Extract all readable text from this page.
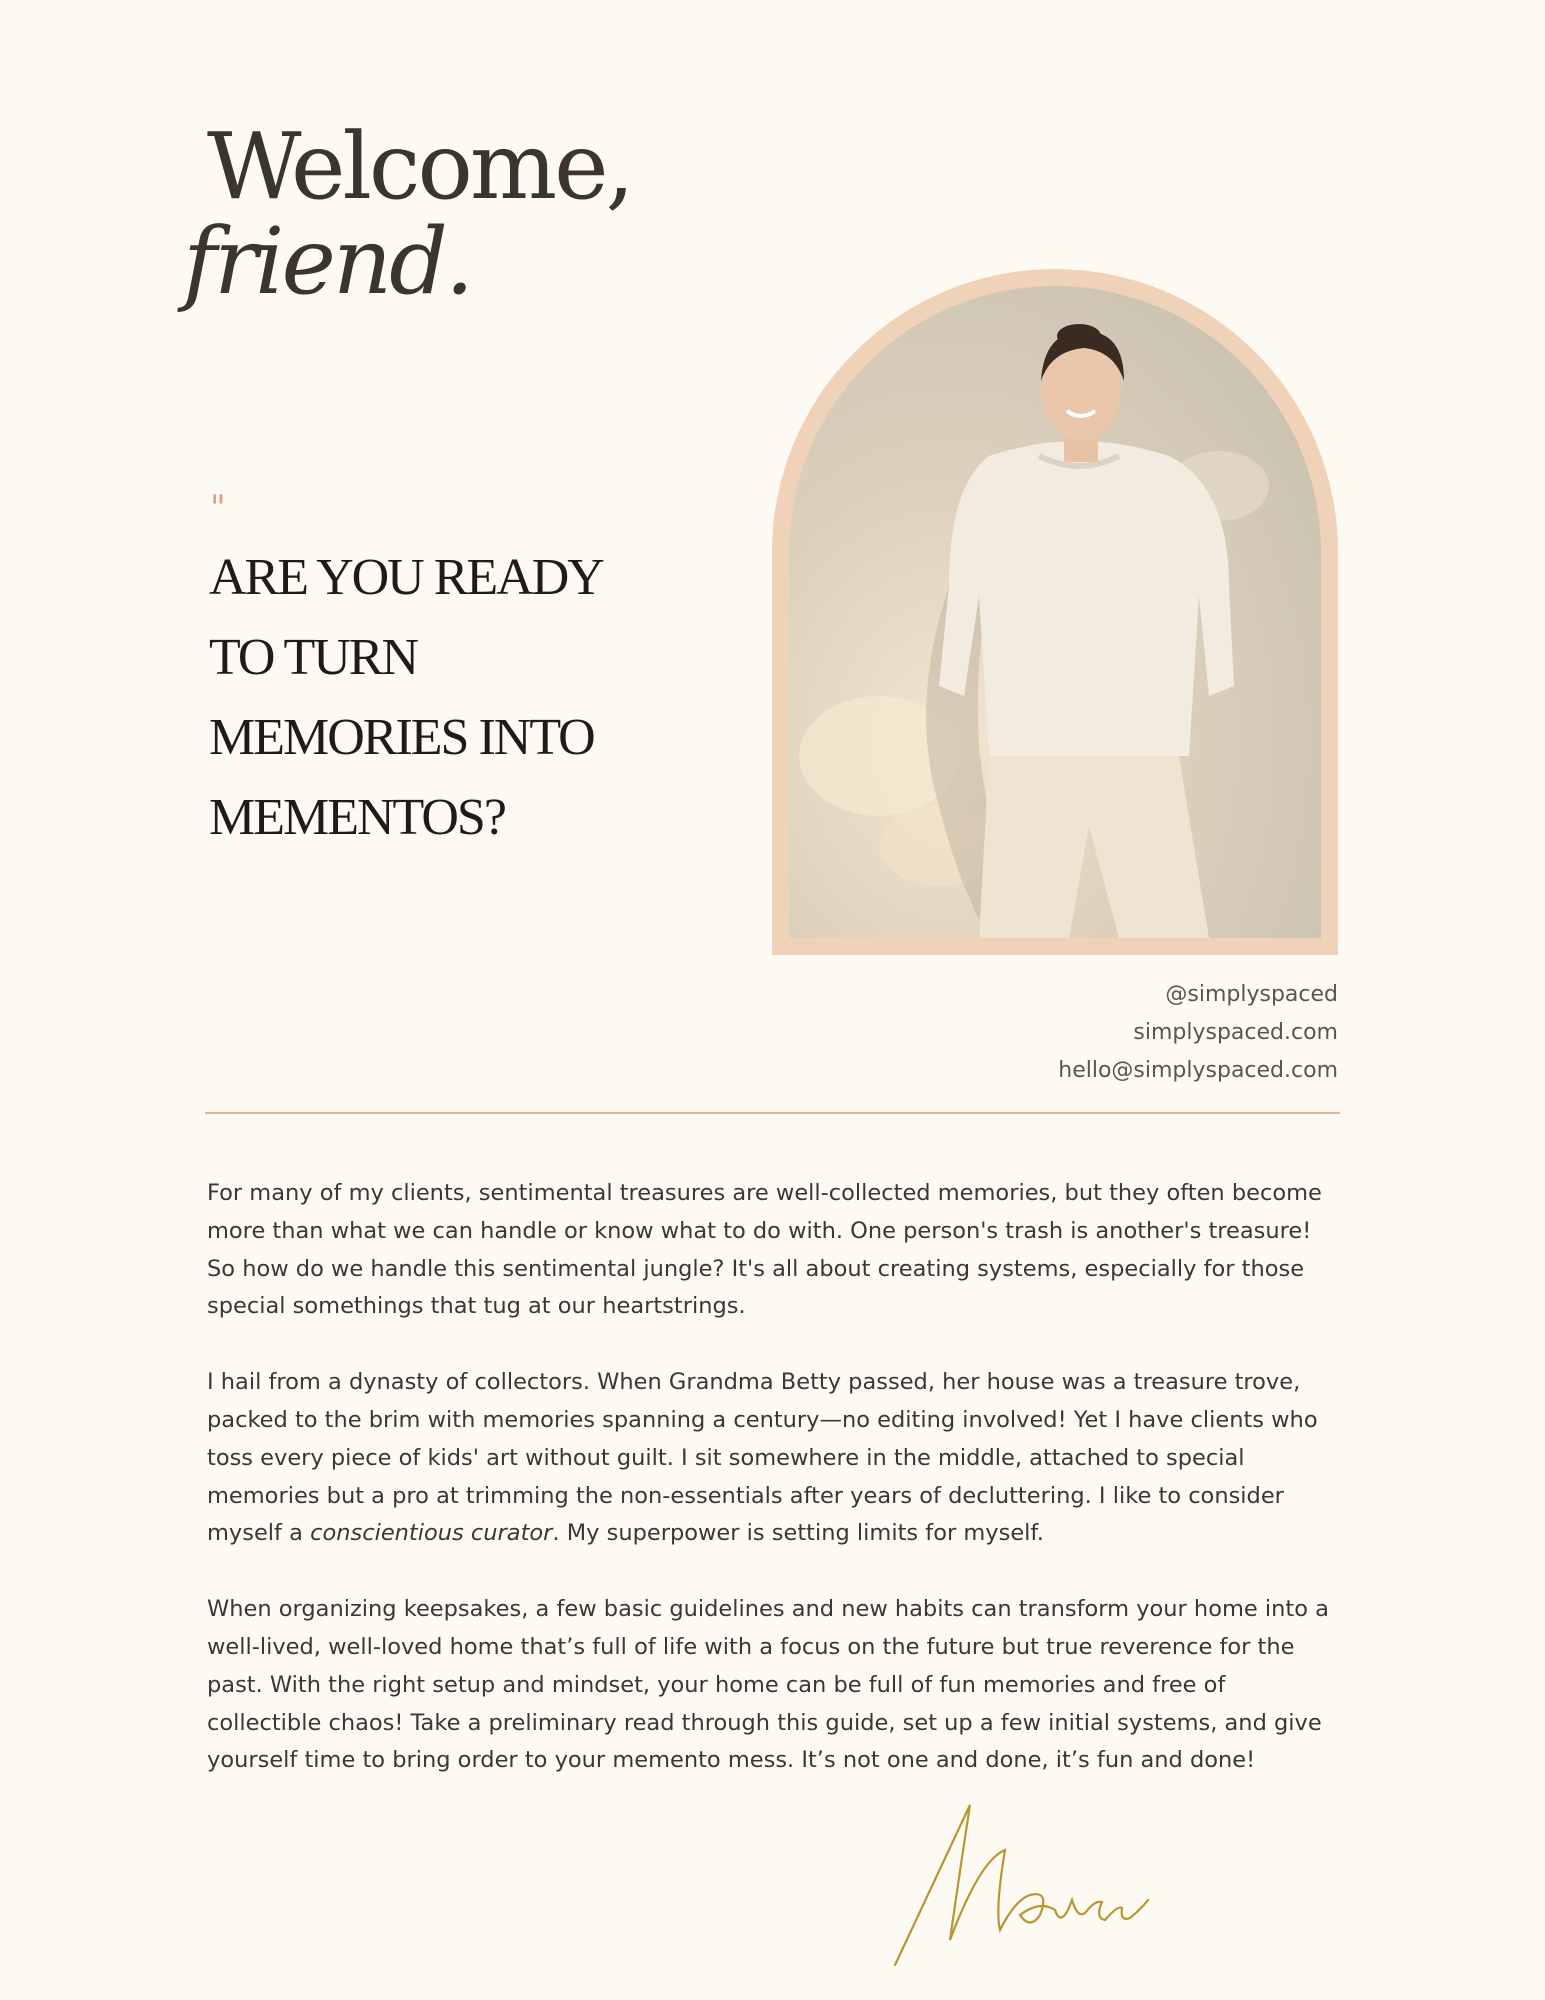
Welcome,
friend.
"
ARE YOU READY
TO TURN
MEMORIES INTO
MEMENTOS?
@simplyspaced
simplyspaced.com
hello@simplyspaced.com

For many of my clients, sentimental treasures are well-collected memories, but they often become more than what we can handle or know what to do with. One person's trash is another's treasure! So how do we handle this sentimental jungle? It's all about creating systems, especially for those special somethings that tug at our heartstrings.

I hail from a dynasty of collectors. When Grandma Betty passed, her house was a treasure trove, packed to the brim with memories spanning a century—no editing involved! Yet I have clients who toss every piece of kids' art without guilt. I sit somewhere in the middle, attached to special memories but a pro at trimming the non-essentials after years of decluttering. I like to consider myself a conscientious curator. My superpower is setting limits for myself.

When organizing keepsakes, a few basic guidelines and new habits can transform your home into a well-lived, well-loved home that’s full of life with a focus on the future but true reverence for the past. With the right setup and mindset, your home can be full of fun memories and free of collectible chaos! Take a preliminary read through this guide, set up a few initial systems, and give yourself time to bring order to your memento mess. It’s not one and done, it’s fun and done!
